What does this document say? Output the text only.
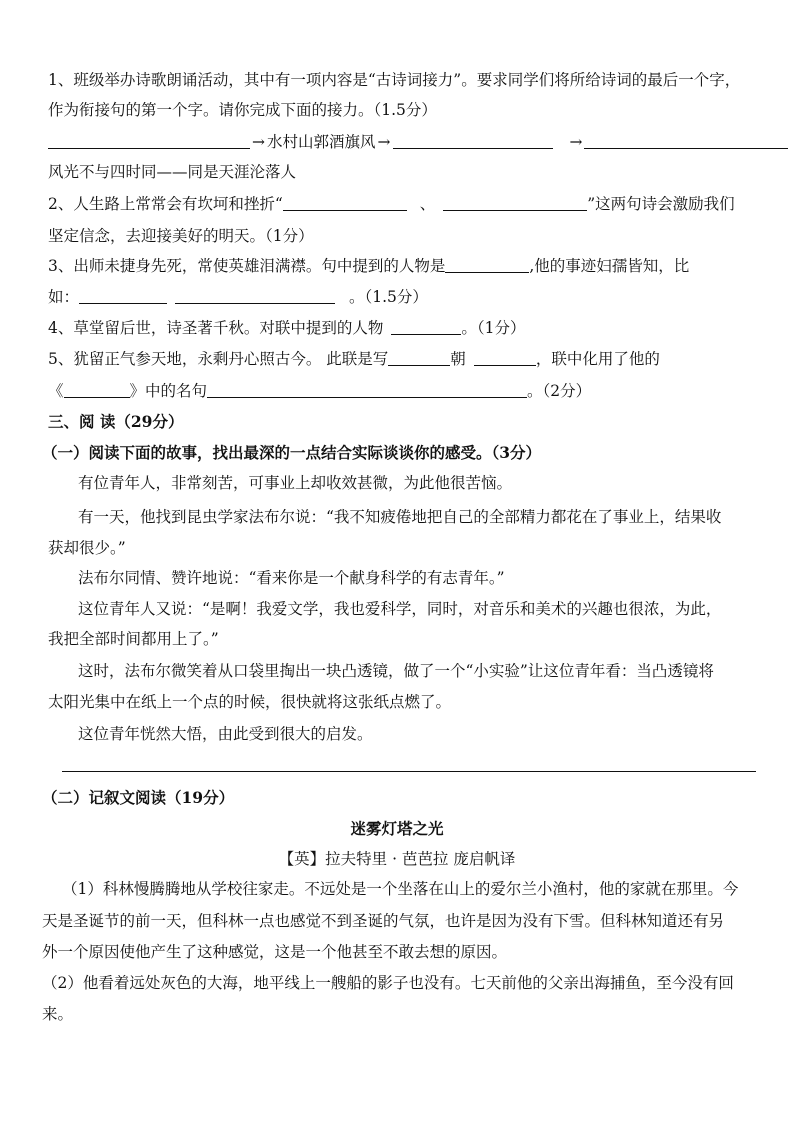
1、班级举办诗歌朗诵活动，其中有一项内容是“古诗词接力”。要求同学们将所给诗词的最后一个字，
作为衔接句的第一个字。请你完成下面的接力。（1.5分）
→ 水村山郭酒旗风 →	→
风光不与四时同——同是天涯沦落人
2、人生路上常常会有坎坷和挫折“	、	”这两句诗会激励我们
坚定信念，去迎接美好的明天。（1分）
3、出师未捷身先死，常使英雄泪满襟。句中提到的人物是	,他的事迹妇孺皆知，比
如：	。（1.5分）
4、草堂留后世，诗圣著千秋。对联中提到的人物	。（1分）
5、犹留正气参天地，永剩丹心照古今。 此联是写	朝	，联中化用了他的
《	》中的名句	。（2分）
三、阅 读（29分）
（一）阅读下面的故事，找出最深的一点结合实际谈谈你的感受。（3分）
有位青年人，非常刻苦，可事业上却收效甚微，为此他很苦恼。
有一天，他找到昆虫学家法布尔说：“我不知疲倦地把自己的全部精力都花在了事业上，结果收
获却很少。”
法布尔同情、赞许地说：“看来你是一个献身科学的有志青年。”
这位青年人又说：“是啊！我爱文学，我也爱科学，同时，对音乐和美术的兴趣也很浓，为此，
我把全部时间都用上了。”
这时，法布尔微笑着从口袋里掏出一块凸透镜，做了一个“小实验”让这位青年看：当凸透镜将
太阳光集中在纸上一个点的时候，很快就将这张纸点燃了。
这位青年恍然大悟，由此受到很大的启发。
（二）记叙文阅读（19分）
迷雾灯塔之光
【英】拉夫特里 · 芭芭拉 庞启帆译
（1）科林慢腾腾地从学校往家走。不远处是一个坐落在山上的爱尔兰小渔村，他的家就在那里。今
天是圣诞节的前一天，但科林一点也感觉不到圣诞的气氛，也许是因为没有下雪。但科林知道还有另
外一个原因使他产生了这种感觉，这是一个他甚至不敢去想的原因。
（2）他看着远处灰色的大海，地平线上一艘船的影子也没有。七天前他的父亲出海捕鱼，至今没有回
来。
